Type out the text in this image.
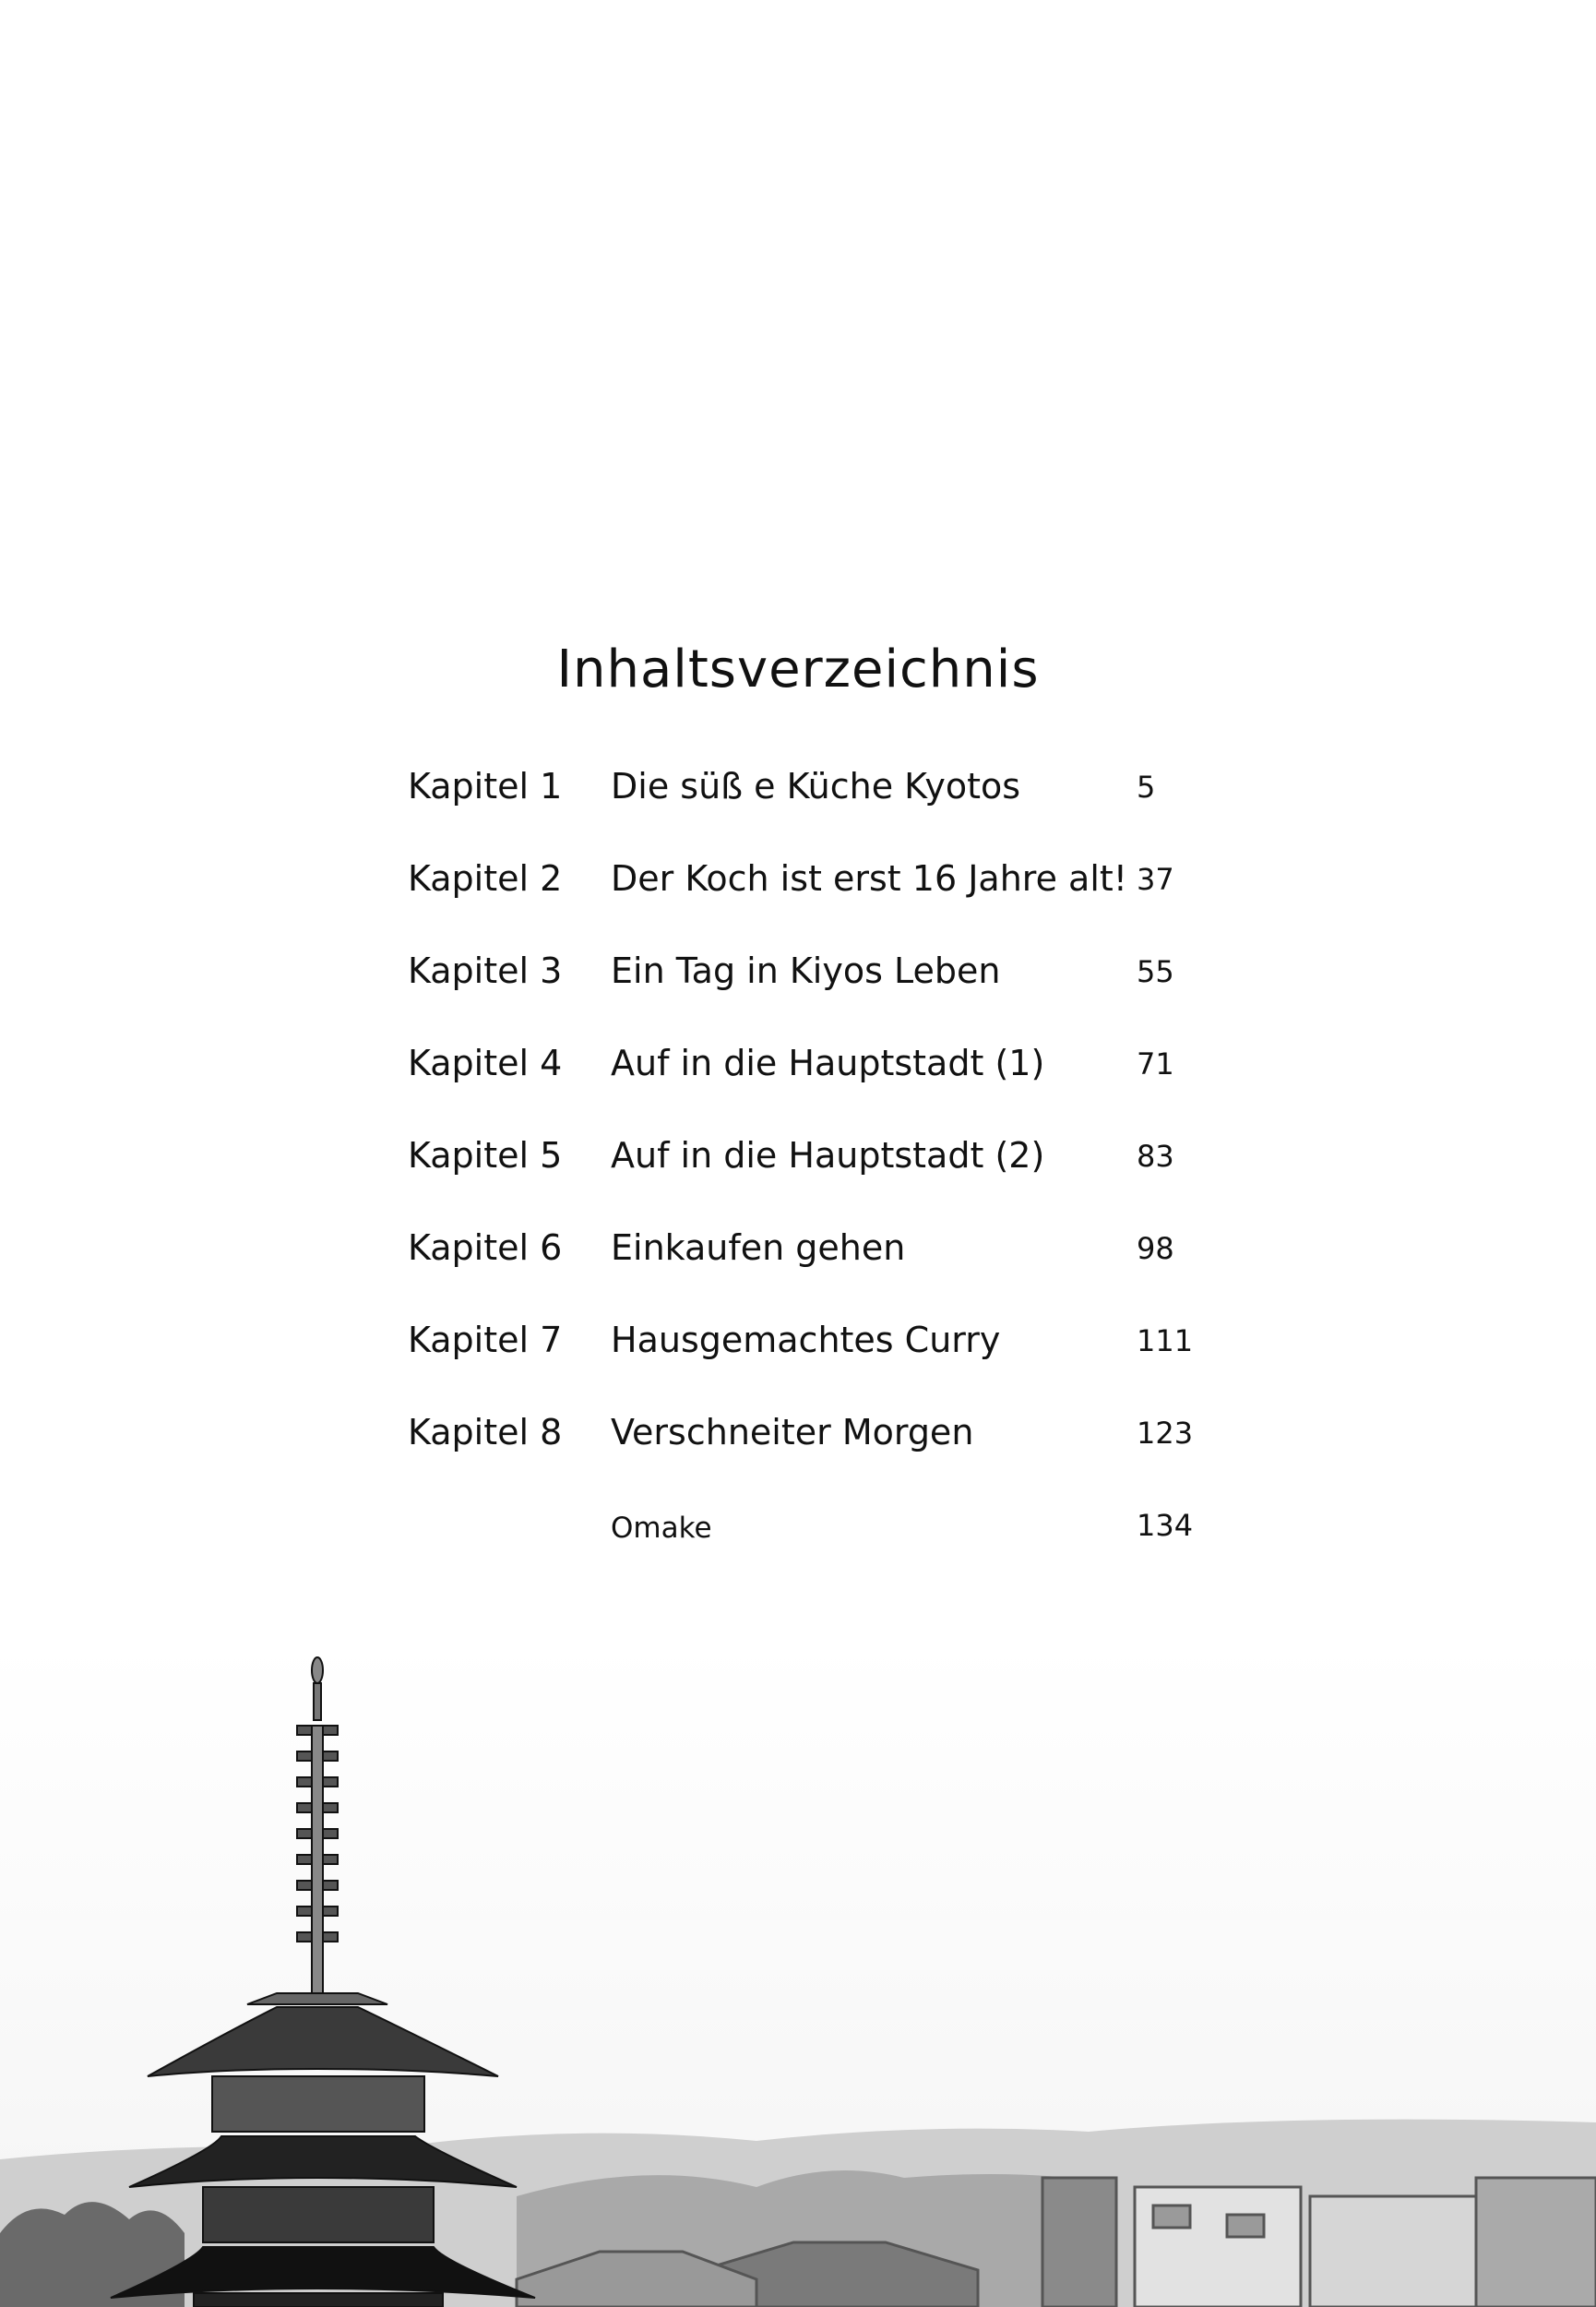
Inhaltsverzeichnis
Kapitel 1 Die süß e Küche Kyotos	5
Kapitel 2 Der Koch ist erst 16 Jahre alt! 37
Kapitel 3 Ein Tag in Kiyos Leben	55
Kapitel 4 Auf in die Hauptstadt (1)	71
Kapitel 5 Auf in die Hauptstadt (2)	83
Kapitel 6 Einkaufen gehen	98
Kapitel 7 Hausgemachtes Curry	111
Kapitel 8 Verschneiter Morgen	123
Omake	134
